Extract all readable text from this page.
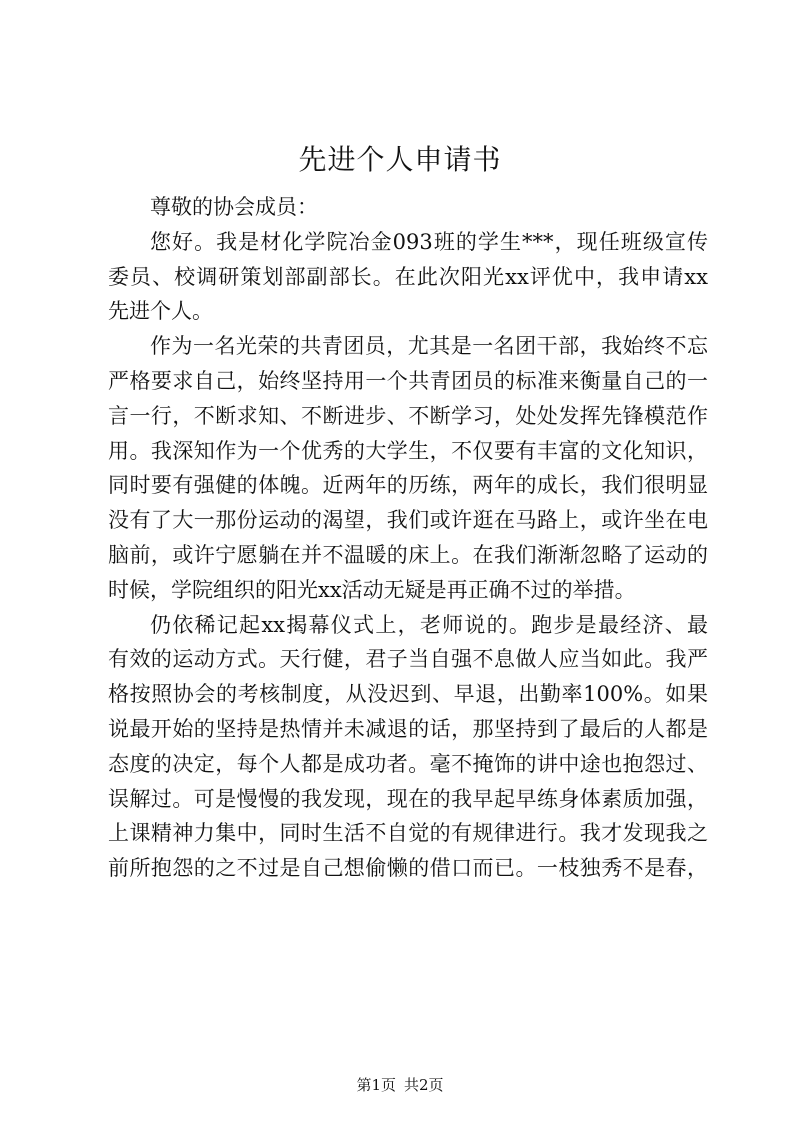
先进个人申请书
尊敬的协会成员：
您好。我是材化学院冶金093班的学生***，现任班级宣传
委员、校调研策划部副部长。在此次阳光xx评优中，我申请xx
先进个人。
作为一名光荣的共青团员，尤其是一名团干部，我始终不忘
严格要求自己，始终坚持用一个共青团员的标准来衡量自己的一
言一行，不断求知、不断进步、不断学习，处处发挥先锋模范作
用。我深知作为一个优秀的大学生，不仅要有丰富的文化知识，
同时要有强健的体魄。近两年的历练，两年的成长，我们很明显
没有了大一那份运动的渴望，我们或许逛在马路上，或许坐在电
脑前，或许宁愿躺在并不温暖的床上。在我们渐渐忽略了运动的
时候，学院组织的阳光xx活动无疑是再正确不过的举措。
仍依稀记起xx揭幕仪式上，老师说的。跑步是最经济、最
有效的运动方式。天行健，君子当自强不息做人应当如此。我严
格按照协会的考核制度，从没迟到、早退，出勤率100%。如果
说最开始的坚持是热情并未减退的话，那坚持到了最后的人都是
态度的决定，每个人都是成功者。毫不掩饰的讲中途也抱怨过、
误解过。可是慢慢的我发现，现在的我早起早练身体素质加强，
上课精神力集中，同时生活不自觉的有规律进行。我才发现我之
前所抱怨的之不过是自己想偷懒的借口而已。一枝独秀不是春，
第1页 共2页
